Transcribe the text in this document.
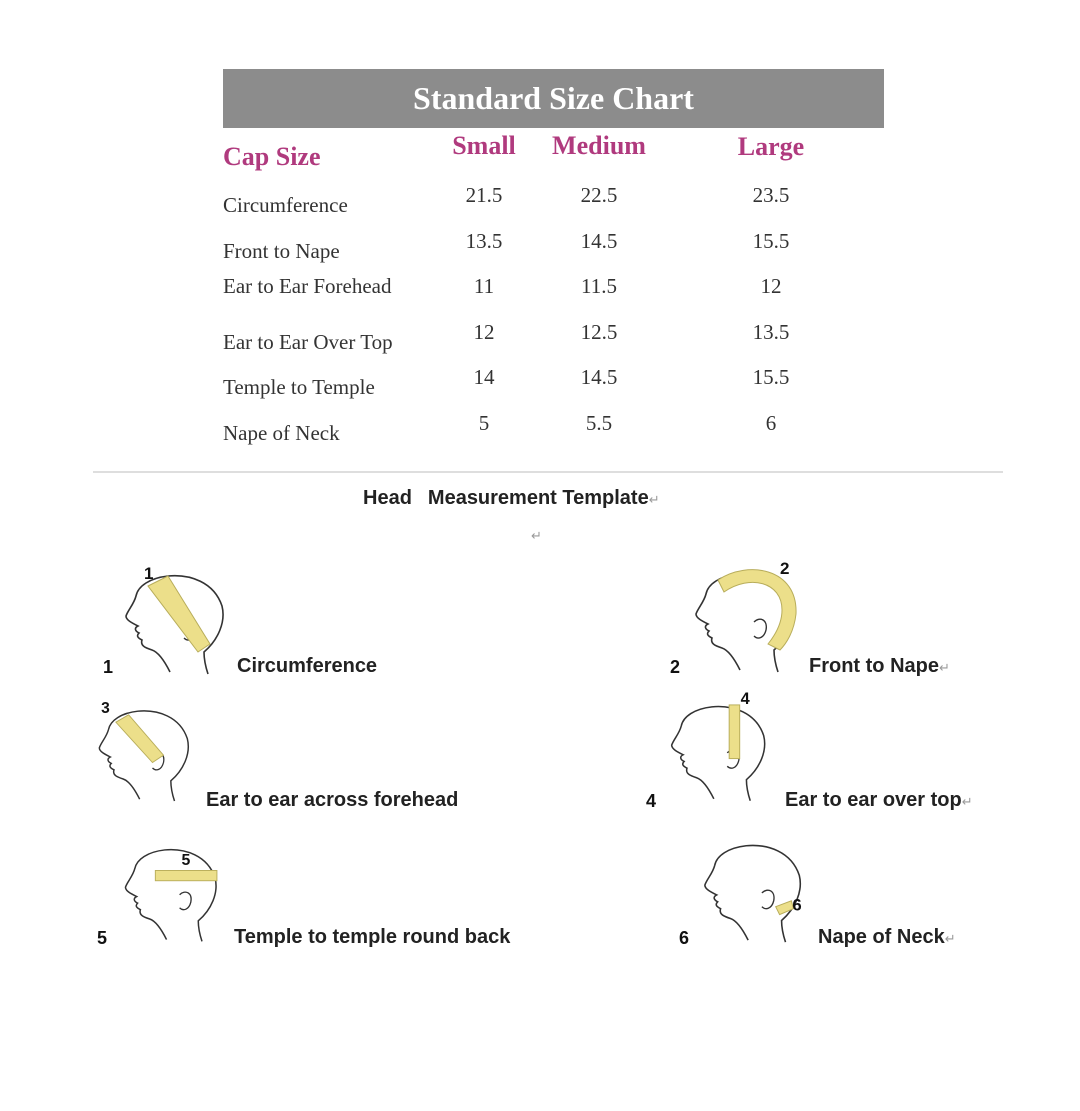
Standard Size Chart
Cap Size	Small Medium	Large
Circumference	21.5	22.5	23.5
Front to Nape	13.5	14.5	15.5
Ear to Ear Forehead	11	11.5	12
Ear to Ear Over Top	12	12.5	13.5
Temple to Temple	14	14.5	15.5
Nape of Neck	5	5.5	6
Head Measurement Template↵
↵
1
1	Circumference
2
2	Front to Nape↵
3
Ear to ear across forehead
4
4	Ear to ear over top↵
5
5	Temple to temple round back
6
6	Nape of Neck↵
